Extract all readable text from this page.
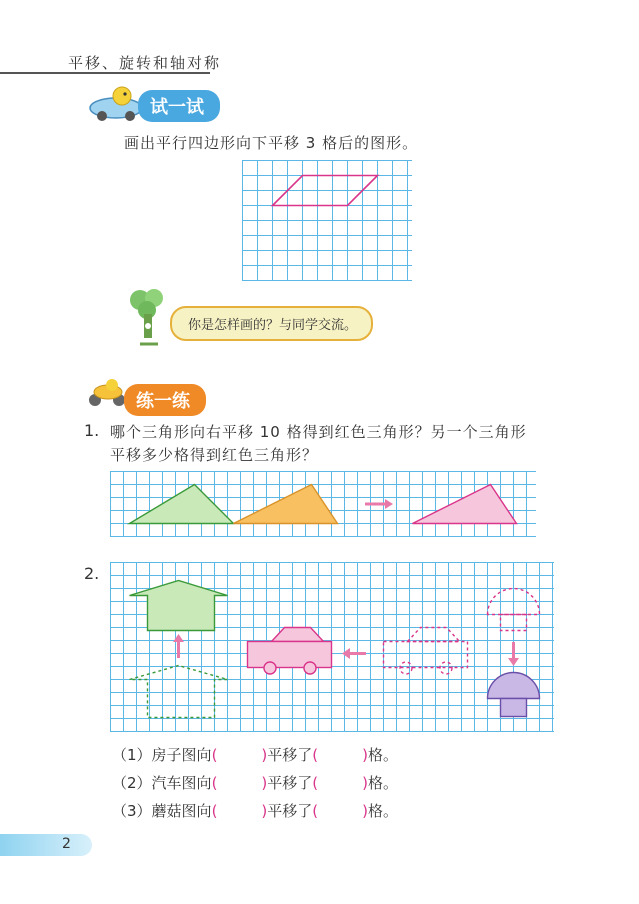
平移、旋转和轴对称
试一试
画出平行四边形向下平移 3 格后的图形。
你是怎样画的？与同学交流。
练一练
1. 哪个三角形向右平移 10 格得到红色三角形？另一个三角形
平移多少格得到红色三角形？
2.
（1）房子图向(	)平移了(	)格。
（2）汽车图向(	)平移了(	)格。
（3）蘑菇图向(	)平移了(	)格。
2
